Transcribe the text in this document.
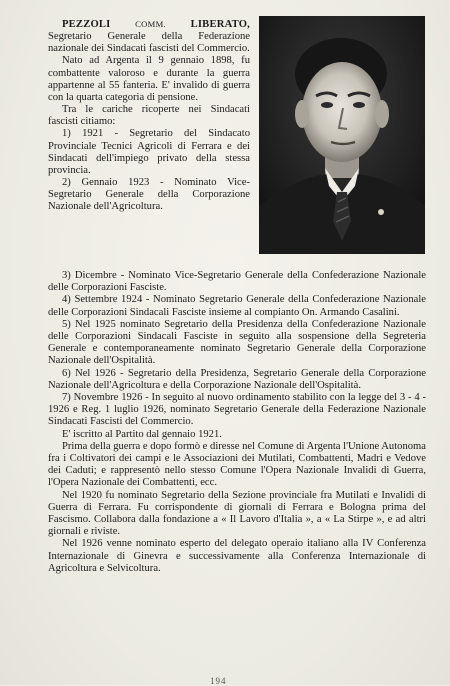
PEZZOLI	COMM. LIBERATO, Segretario Generale della Federazione nazionale dei Sindacati fascisti del Commercio.

Nato ad Argenta il 9 gennaio 1898, fu combattente valoroso e durante la guerra appartenne al 55 fanteria. E' invalido di guerra con la quarta categoria di pensione.

Tra le cariche ricoperte nei Sindacati fascisti citiamo:

1) 1921 - Segretario del Sindacato Provinciale Tecnici Agricoli di Ferrara e dei Sindacati dell'impiego privato della stessa provincia.

2) Gennaio 1923 - Nominato Vice-Segretario Generale della Corporazione Nazionale dell'Agricoltura.

3) Dicembre - Nominato Vice-Segretario Generale della Confederazione Nazionale delle Corporazioni Fasciste.

4) Settembre 1924 - Nominato Segretario Generale della Confederazione Nazionale delle Corporazioni Sindacali Fasciste insieme al compianto On. Armando Casalini.

5) Nel 1925 nominato Segretario della Presidenza della Confederazione Nazionale delle Corporazioni Sindacali Fasciste in seguito alla sospensione della Segreteria Generale e contemporaneamente nominato Segretario Generale della Corporazione Nazionale dell'Ospitalità.

6) Nel 1926 - Segretario della Presidenza, Segretario Generale della Corporazione Nazionale dell'Agricoltura e della Corporazione Nazionale dell'Ospitalità.

7) Novembre 1926 - In seguito al nuovo ordinamento stabilito con la legge del 3 - 4 - 1926 e Reg. 1 luglio 1926, nominato Segretario Generale della Federazione Nazionale Sindacati Fascisti del Commercio.

E' iscritto al Partito dal gennaio 1921.

Prima della guerra e dopo formò e diresse nel Comune di Argenta l'Unione Autonoma fra i Coltivatori dei campi e le Associazioni dei Mutilati, Combattenti, Madri e Vedove dei Caduti; e rappresentò nello stesso Comune l'Opera Nazionale Invalidi di Guerra, l'Opera Nazionale dei Combattenti, ecc.

Nel 1920 fu nominato Segretario della Sezione provinciale fra Mutilati e Invalidi di Guerra di Ferrara. Fu corrispondente di giornali di Ferrara e Bologna prima del Fascismo. Collabora dalla fondazione a « Il Lavoro d'Italia », a « La Stirpe », e ad altri giornali e riviste.

Nel 1926 venne nominato esperto del delegato operaio italiano alla IV Conferenza Internazionale di Ginevra e successivamente alla Conferenza Internazionale di Agricoltura e Selvicoltura.

194
